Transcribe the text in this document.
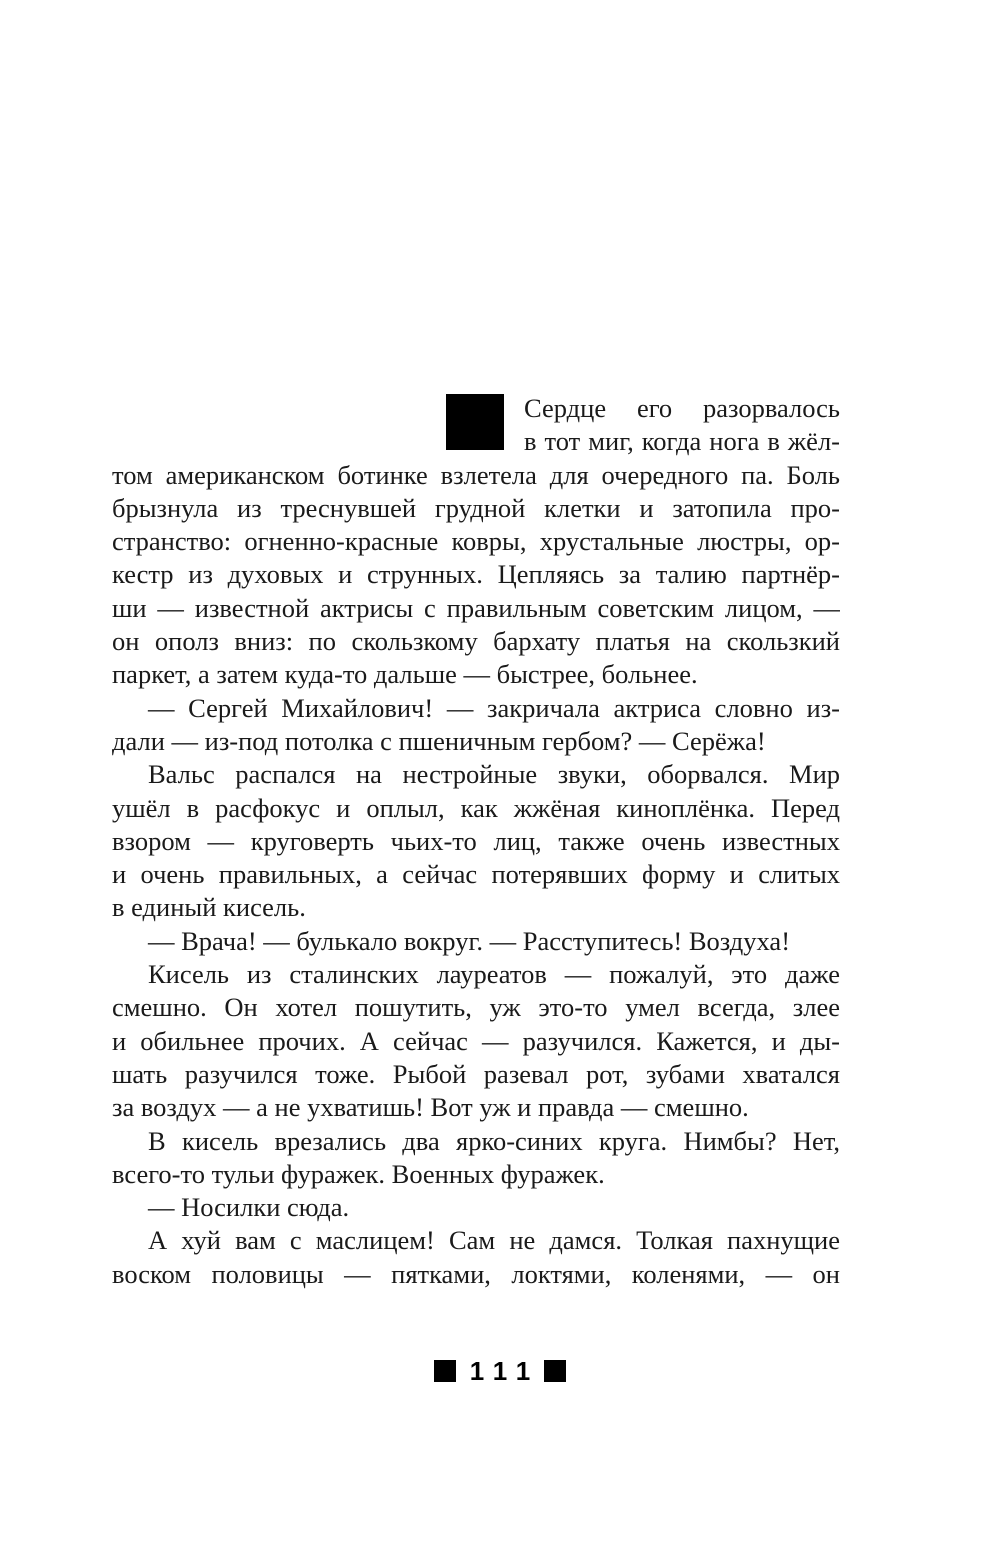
Сердце его разорвалось
в тот миг, когда нога в жёл-
том американском ботинке взлетела для очередного па. Боль
брызнула из треснувшей грудной клетки и затопила про-
странство: огненно-красные ковры, хрустальные люстры, ор-
кестр из духовых и струнных. Цепляясь за талию партнёр-
ши — известной актрисы с правильным советским лицом, —
он ополз вниз: по скользкому бархату платья на скользкий
паркет, а затем куда-то дальше — быстрее, больнее.
— Сергей Михайлович! — закричала актриса словно из-
дали — из-под потолка с пшеничным гербом? — Серёжа!
Вальс распался на нестройные звуки, оборвался. Мир
ушёл в расфокус и оплыл, как жжёная киноплёнка. Перед
взором — круговерть чьих-то лиц, также очень известных
и очень правильных, а сейчас потерявших форму и слитых
в единый кисель.
— Врача! — булькало вокруг. — Расступитесь! Воздуха!
Кисель из сталинских лауреатов — пожалуй, это даже
смешно. Он хотел пошутить, уж это-то умел всегда, злее
и обильнее прочих. А сейчас — разучился. Кажется, и ды-
шать разучился тоже. Рыбой разевал рот, зубами хватался
за воздух — а не ухватишь! Вот уж и правда — смешно.
В кисель врезались два ярко-синих круга. Нимбы? Нет,
всего-то тульи фуражек. Военных фуражек.
— Носилки сюда.
А хуй вам с маслицем! Сам не дамся. Толкая пахнущие
воском половицы — пятками, локтями, коленями, — он
111
